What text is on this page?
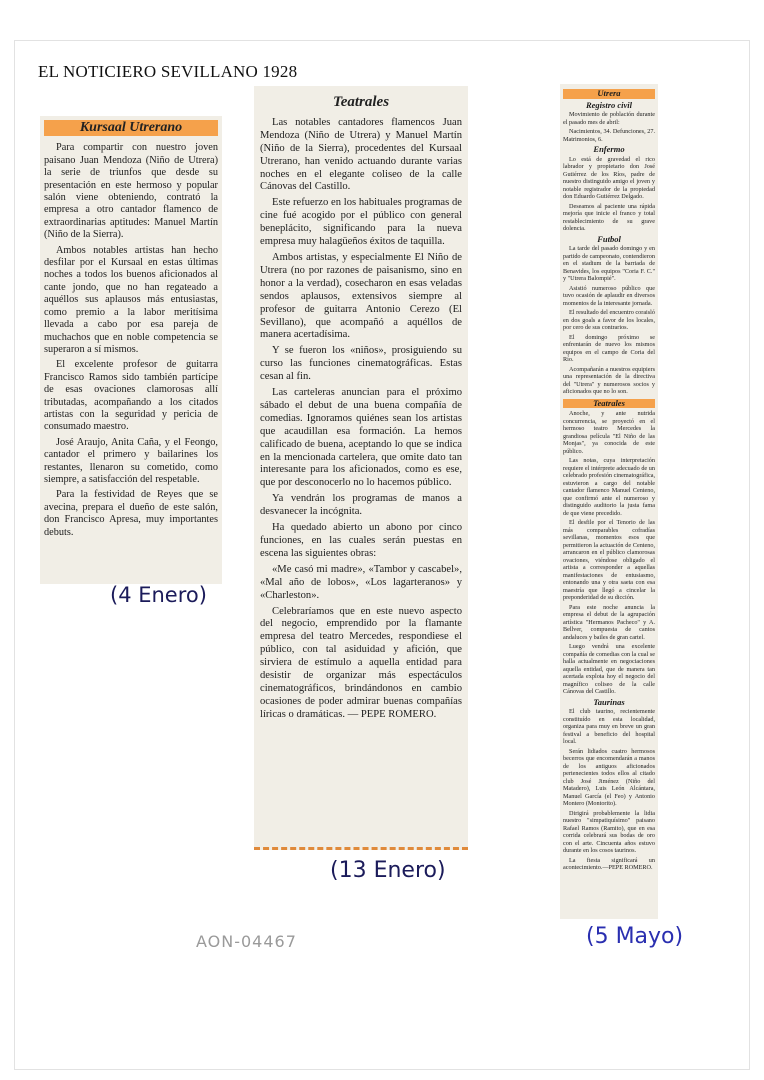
EL NOTICIERO SEVILLANO 1928
Kursaal Utrerano

Para compartir con nuestro joven paisano Juan Mendoza (Niño de Utrera) la serie de triunfos que desde su presentación en este hermoso y popular salón viene obteniendo, contrató la empresa a otro cantador flamenco de extraordinarias aptitudes: Manuel Martín (Niño de la Sierra).

Ambos notables artistas han hecho desfilar por el Kursaal en estas últimas noches a todos los buenos aficionados al cante jondo, que no han regateado a aquéllos sus aplausos más entusiastas, como premio a la labor meritísima llevada a cabo por esa pareja de muchachos que en noble competencia se superaron a sí mismos.

El excelente profesor de guitarra Francisco Ramos sido también partícipe de esas ovaciones clamorosas allí tributadas, acompañando a los citados artistas con la seguridad y pericia de consumado maestro.

José Araujo, Anita Caña, y el Feongo, cantador el primero y bailarines los restantes, llenaron su cometido, como siempre, a satisfacción del respetable.

Para la festividad de Reyes que se avecina, prepara el dueño de este salón, don Francisco Apresa, muy importantes debuts.

Teatrales

Las notables cantadores flamencos Juan Mendoza (Niño de Utrera) y Manuel Martín (Niño de la Sierra), procedentes del Kursaal Utrerano, han venido actuando durante varias noches en el elegante coliseo de la calle Cánovas del Castillo.

Este refuerzo en los habituales programas de cine fué acogido por el público con general beneplácito, significando para la nueva empresa muy halagüeños éxitos de taquilla.

Ambos artistas, y especialmente El Niño de Utrera (no por razones de paisanismo, sino en honor a la verdad), cosecharon en esas veladas sendos aplausos, extensivos siempre al profesor de guitarra Antonio Cerezo (El Sevillano), que acompañó a aquéllos de manera acertadísima.

Y se fueron los «niños», prosiguiendo su curso las funciones cinematográficas. Estas cesan al fin.

Las carteleras anuncian para el próximo sábado el debut de una buena compañía de comedias. Ignoramos quiénes sean los artistas que acaudillan esa formación. La hemos calificado de buena, aceptando lo que se indica en la mencionada cartelera, que omite dato tan interesante para los aficionados, como es ese, que por desconocerlo no lo hacemos público.

Ya vendrán los programas de manos a desvanecer la incógnita.

Ha quedado abierto un abono por cinco funciones, en las cuales serán puestas en escena las siguientes obras:

«Me casó mi madre», «Tambor y cascabel», «Mal año de lobos», «Los lagarteranos» y «Charleston».

Celebraríamos que en este nuevo aspecto del negocio, emprendido por la flamante empresa del teatro Mercedes, respondiese el público, con tal asiduidad y afición, que sirviera de estímulo a aquella entidad para desistir de organizar más espectáculos cinematográficos, brindándonos en cambio ocasiones de poder admirar buenas compañías líricas o dramáticas. — PEPE ROMERO.

Utrera
Registro civil

Movimiento de población durante el pasado mes de abril:

Nacimientos, 34. Defunciones, 27. Matrimonios, 6.

Enfermo

Lo está de gravedad el rico labrador y propietario don José Gutiérrez de los Ríos, padre de nuestro distinguido amigo el joven y notable registrador de la propiedad don Eduardo Gutiérrez Delgado.

Deseamos al paciente una rápida mejoría que inicie el franco y total restablecimiento de su grave dolencia.

Futbol

La tarde del pasado domingo y en partido de campeonato, contendieron en el stadium de la barriada de Benavides, los equipos "Coria F. C." y "Utrera Balompié".

Asistió numeroso público que tuvo ocasión de aplaudir en diversos momentos de la interesante jornada.

El resultado del encuentro coraisló en dos goals a favor de los locales, por cero de sus contrarios.

El domingo próximo se enfrentarán de nuevo los mismos equipos en el campo de Coria del Río.

Acompañarán a nuestros equipiers una representación de la directiva del "Utrera" y numerosos socios y aficionados que no lo son.

Teatrales

Anoche, y ante nutrida concurrencia, se proyectó en el hermoso teatro Mercedes la grandiosa película "El Niño de las Monjas", ya conocida de este público.

Las notas, cuya interpretación requiere el intérprete adecuado de un celebrado profesión cinematográfica, estuvieron a cargo del notable cantador flamenco Manuel Centeno, que confirmó ante el numeroso y distinguido auditorio la justa fama de que viene precedido.

El desfile por el Tenorio de las más comparables cofradías sevillanas, momentos esos que permitieron la actuación de Centeno, arrancaron en el público clamorosas ovaciones, viéndose obligado el artista a corresponder a aquellas manifestaciones de entusiasmo, entonando una y otra saeta con esa maestría que llegó a cincelar la preponderidad de su dicción.

Para este noche anuncia la empresa el debut de la agrupación artística "Hermanos Pacheco" y A. Bellver, compuesta de cantos andaluces y bailes de gran cartel.

Luego vendrá una excelente compañía de comedias con la cual se halla actualmente en negociaciones aquella entidad, que de manera tan acertada explota hoy el negocio del magnífico coliseo de la calle Cánovas del Castillo.

Taurinas

El club taurino, recientemente constituído en esta localidad, organiza para muy en breve un gran festival a beneficio del hospital local.

Serán lidiados cuatro hermosos becerros que encomendarán a manos de los antiguos aficionados pertenecientes todos ellos al citado club José Jiménez (Niño del Matadero), Luis León Alcántara, Manuel García (el Feo) y Antonio Montero (Montorito).

Dirigirá probablemente la lidia nuestro "simpatiquísimo" paisano Rafael Ramos (Ramito), que en esa corrida celebrará sus bodas de oro con el arte. Cincuenta años estuvo durante en los cosos taurinos.

La fiesta significará un acontecimiento.—PEPE ROMERO.

(4 Enero)
(13 Enero)
(5 Mayo)
AON-04467
